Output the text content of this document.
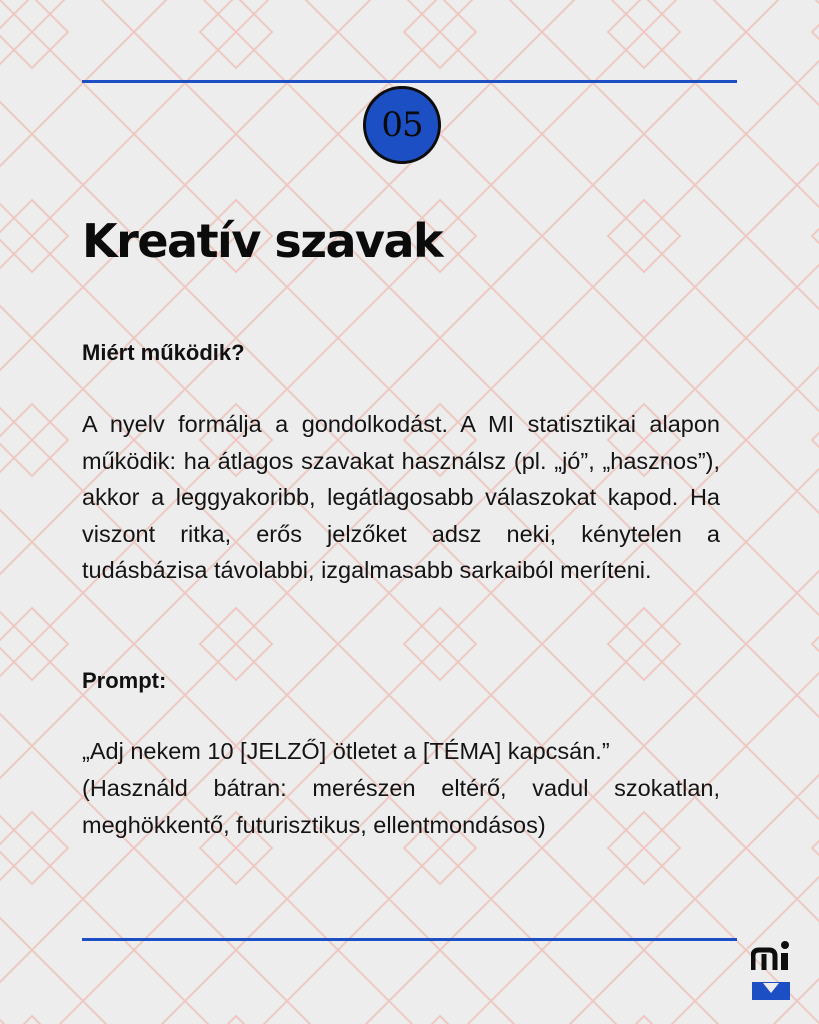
05
Kreatív szavak
Miért működik?

A nyelv formálja a gondolkodást. A MI statisztikai alapon működik: ha átlagos szavakat használsz (pl. „jó”, „hasznos”), akkor a leggyakoribb, legátlagosabb válaszokat kapod. Ha viszont ritka, erős jelzőket adsz neki, kénytelen a tudásbázisa távolabbi, izgalmasabb sarkaiból meríteni.

Prompt:

„Adj nekem 10 [JELZŐ] ötletet a [TÉMA] kapcsán.”

(Használd bátran: merészen eltérő, vadul szokatlan, meghökkentő, futurisztikus, ellentmondásos)
